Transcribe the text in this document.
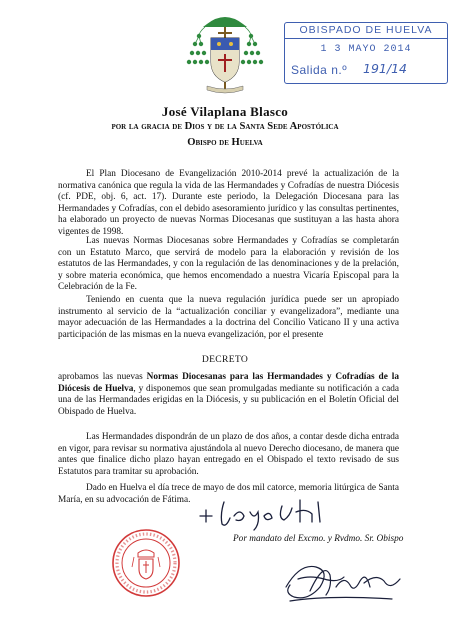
OBISPADO DE HUELVA
1 3 MAYO 2014
Salida n.º 191/14
José Vilaplana Blasco
por la gracia de Dios y de la Santa Sede Apostólica
Obispo de Huelva
El Plan Diocesano de Evangelización 2010-2014 prevé la actualización de la normativa canónica que regula la vida de las Hermandades y Cofradías de nuestra Diócesis (cf. PDE, obj. 6, act. 17). Durante este periodo, la Delegación Diocesana para las Hermandades y Cofradías, con el debido asesoramiento jurídico y las consultas pertinentes, ha elaborado un proyecto de nuevas Normas Diocesanas que sustituyan a las hasta ahora vigentes de 1998.
Las nuevas Normas Diocesanas sobre Hermandades y Cofradías se completarán con un Estatuto Marco, que servirá de modelo para la elaboración y revisión de los estatutos de las Hermandades, y con la regulación de las denominaciones y de la prelación, y sobre materia económica, que hemos encomendado a nuestra Vicaría Episcopal para la Celebración de la Fe.
Teniendo en cuenta que la nueva regulación jurídica puede ser un apropiado instrumento al servicio de la “actualización conciliar y evangelizadora”, mediante una mayor adecuación de las Hermandades a la doctrina del Concilio Vaticano II y una activa participación de las mismas en la nueva evangelización, por el presente
DECRETO
aprobamos las nuevas Normas Diocesanas para las Hermandades y Cofradías de la Diócesis de Huelva, y disponemos que sean promulgadas mediante su notificación a cada una de las Hermandades erigidas en la Diócesis, y su publicación en el Boletín Oficial del Obispado de Huelva.
Las Hermandades dispondrán de un plazo de dos años, a contar desde dicha entrada en vigor, para revisar su normativa ajustándola al nuevo Derecho diocesano, de manera que antes que finalice dicho plazo hayan entregado en el Obispado el texto revisado de sus Estatutos para tramitar su aprobación.
Dado en Huelva el día trece de mayo de dos mil catorce, memoria litúrgica de Santa María, en su advocación de Fátima.
Por mandato del Excmo. y Rvdmo. Sr. Obispo
